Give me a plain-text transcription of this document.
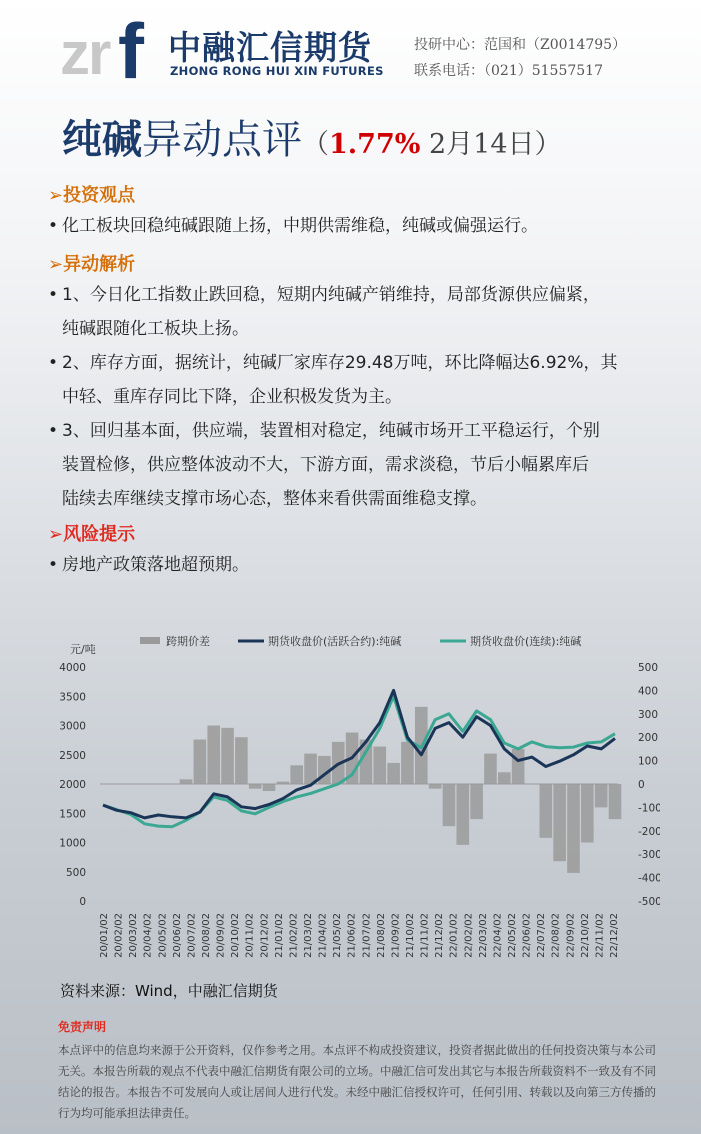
z
r f 中融汇信期货
ZHONG RONG HUI XIN FUTURES
投研中心：范国和（Z0014795）
联系电话：（021）51557517
纯碱异动点评（1.77% 2月14日）
➢投资观点
• 化工板块回稳纯碱跟随上扬，中期供需维稳，纯碱或偏强运行。
➢异动解析
• 1、今日化工指数止跌回稳，短期内纯碱产销维持，局部货源供应偏紧，
纯碱跟随化工板块上扬。
• 2、库存方面，据统计，纯碱厂家库存29.48万吨，环比降幅达6.92%，其
中轻、重库存同比下降，企业积极发货为主。
• 3、回归基本面，供应端，装置相对稳定，纯碱市场开工平稳运行，个别
装置检修，供应整体波动不大，下游方面，需求淡稳，节后小幅累库后
陆续去库继续支撑市场心态，整体来看供需面维稳支撑。
➢风险提示
• 房地产政策落地超预期。
跨期价差	期货收盘价(活跃合约):纯碱	期货收盘价(连续):纯碱
元/吨
0
500
1000
1500
2000
2500
3000
3500
4000
-500
-400
-300
-200
-100
0
100
200
300
400
500
20/01/02 20/02/02 20/03/02 20/04/02 20/05/02 20/06/02 20/07/02 20/08/02 20/09/02 20/10/02 20/11/02 20/12/02 21/01/02 21/02/02 21/03/02 21/04/02 21/05/02 21/06/02 21/07/02 21/08/02 21/09/02 21/10/02 21/11/02 21/12/02 22/01/02 22/02/02 22/03/02 22/04/02 22/05/02 22/06/02 22/07/02 22/08/02 22/09/02 22/10/02 22/11/02 22/12/02
资料来源：Wind，中融汇信期货
免责声明
本点评中的信息均来源于公开资料，仅作参考之用。本点评不构成投资建议，投资者据此做出的任何投资决策与本公司无关。本报告所载的观点不代表中融汇信期货有限公司的立场。中融汇信可发出其它与本报告所载资料不一致及有不同结论的报告。本报告不可发展向人或让居间人进行代发。未经中融汇信授权许可，任何引用、转载以及向第三方传播的行为均可能承担法律责任。
